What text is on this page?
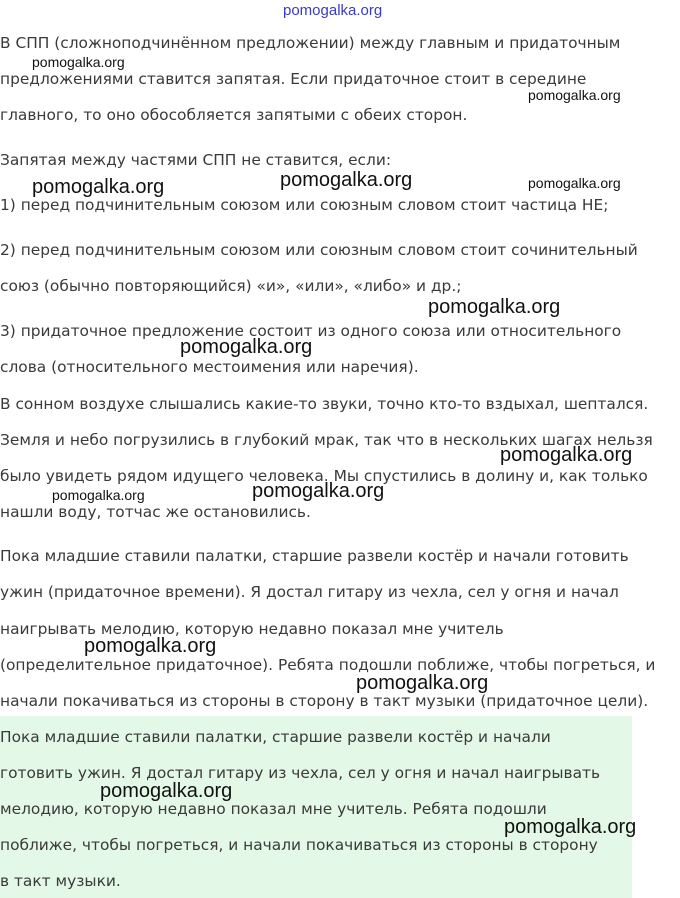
В СПП (сложноподчинённом предложении) между главным и придаточным
предложениями ставится запятая. Если придаточное стоит в середине
главного, то оно обособляется запятыми с обеих сторон.
Запятая между частями СПП не ставится, если:
1) перед подчинительным союзом или союзным словом стоит частица НЕ;
2) перед подчинительным союзом или союзным словом стоит сочинительный
союз (обычно повторяющийся) «и», «или», «либо» и др.;
3) придаточное предложение состоит из одного союза или относительного
слова (относительного местоимения или наречия).
В сонном воздухе слышались какие-то звуки, точно кто-то вздыхал, шептался.
Земля и небо погрузились в глубокий мрак, так что в нескольких шагах нельзя
было увидеть рядом идущего человека. Мы спустились в долину и, как только
нашли воду, тотчас же остановились.
Пока младшие ставили палатки, старшие развели костёр и начали готовить
ужин (придаточное времени). Я достал гитару из чехла, сел у огня и начал
наигрывать мелодию, которую недавно показал мне учитель
(определительное придаточное). Ребята подошли поближе, чтобы погреться, и
начали покачиваться из стороны в сторону в такт музыки (придаточное цели).
Пока младшие ставили палатки, старшие развели костёр и начали
готовить ужин. Я достал гитару из чехла, сел у огня и начал наигрывать
мелодию, которую недавно показал мне учитель. Ребята подошли
поближе, чтобы погреться, и начали покачиваться из стороны в сторону
в такт музыки.
pomogalka.org
pomogalka.org
pomogalka.org
pomogalka.org	pomogalka.org	pomogalka.org
pomogalka.org
pomogalka.org
pomogalka.org
pomogalka.org	pomogalka.org
pomogalka.org
pomogalka.org
pomogalka.org
pomogalka.org
